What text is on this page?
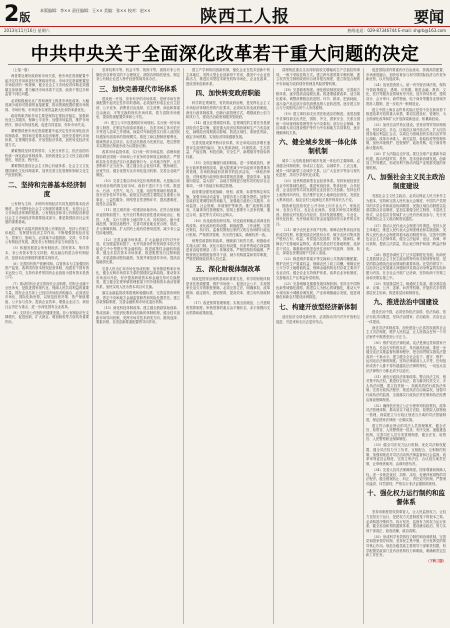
2版
本版编辑：李×× 责任编辑：王×× 美编：张×× 校对：赵××	陕西工人报	要闻
2013年11月16日 星期六	热线电话：029-87346744 E-mail: shgrb@163.com
中共中央关于全面深化改革若干重大问题的决定

（上接一版）

两者要处理好政府和市场关系，使市场在资源配置中起决定性作用和更好发挥政府作用。市场决定资源配置是市场经济的一般规律，健全社会主义市场经济体制必须遵循这条规律，着力解决市场体系不完善、政府干预过多和监管不到位问题。

必须积极稳妥从广度和深度上推进市场化改革，大幅度减少政府对资源的直接配置，推动资源配置依据市场规则、市场价格、市场竞争实现效益最大化和效率最优化。

政府的职责和作用主要是保持宏观经济稳定，加强和优化公共服务，保障公平竞争，加强市场监管，维护市场秩序，推动可持续发展，促进共同富裕，弥补市场失灵。

紧紧围绕使市场在资源配置中起决定性作用深化经济体制改革，坚持和完善基本经济制度，加快完善现代市场体系、宏观调控体系、开放型经济体系，加快转变经济发展方式。

紧紧围绕坚持党的领导、人民当家作主、依法治国有机统一深化政治体制改革，加快推进社会主义民主政治制度化、规范化、程序化。

紧紧围绕建设社会主义核心价值体系、社会主义文化强国深化文化体制改革，加快完善文化管理体制和文化生产经营机制。

二、坚持和完善基本经济制度

公有制为主体、多种所有制经济共同发展的基本经济制度，是中国特色社会主义制度的重要支柱，也是社会主义市场经济体制的根基。公有制经济和非公有制经济都是社会主义市场经济的重要组成部分，都是我国经济社会发展的重要基础。

必须毫不动摇巩固和发展公有制经济，坚持公有制主体地位，发挥国有经济主导作用，不断增强国有经济活力、控制力、影响力。必须毫不动摇鼓励、支持、引导非公有制经济发展，激发非公有制经济活力和创造力。

（5）积极发展混合所有制经济。国有资本、集体资本、非公有资本等交叉持股、相互融合的混合所有制经济，是基本经济制度的重要实现形式。

（6）完善国有资产管理体制。以管资本为主加强国有资产监管，改革国有资本授权经营体制，组建若干国有资本运营公司，支持有条件的国有企业改组为国有资本投资公司。

（7）推动国有企业完善现代企业制度。国有企业属于全民所有，是推进国家现代化、保障人民共同利益的重要力量。国有企业总体上已经同市场经济相融合，必须适应市场化、国际化新形势，以规范经营决策、资产保值增值、公平参与竞争、提高企业效率、增强企业活力、承担社会责任为重点，进一步深化国有企业改革。

（8）支持非公有制经济健康发展。非公有制经济在支撑增长、促进创新、扩大就业、增加税收等方面具有重要作用。

坚持权利平等、机会平等、规则平等，废除对非公有制经济各种形式的不合理规定，消除各种隐性壁垒，制定非公有制企业进入特许经营领域具体办法。

三、加快完善现代市场体系

建设统一开放、竞争有序的市场体系，是使市场在资源配置中起决定性作用的基础。必须加快形成企业自主经营、公平竞争，消费者自由选择、自主消费，商品和要素自由流动、平等交换的现代市场体系，着力清除市场壁垒，提高资源配置效率和公平性。

（9）建立公平开放透明的市场规则。实行统一的市场准入制度，在制定负面清单基础上，各类市场主体可依法平等进入清单之外领域。探索对外商投资实行准入前国民待遇加负面清单的管理模式。推进工商注册制度便利化，削减资质认定项目，由先证后照改为先照后证，把注册资本实缴登记制逐步改为认缴登记制。

改革市场监管体系，实行统一的市场监管，清理和废除妨碍全国统一市场和公平竞争的各种规定和做法，严禁和惩处各类违法实行优惠政策行为，反对地方保护，反对垄断和不正当竞争。建立健全社会征信体系，褒扬诚信，惩戒失信。健全优胜劣汰市场化退出机制，完善企业破产制度。

（10）完善主要由市场决定价格的机制。凡是能由市场形成价格的都交给市场，政府不进行不当干预。推进水、石油、天然气、电力、交通、电信等领域价格改革，放开竞争性环节价格。政府定价范围主要限定在重要公用事业、公益性服务、网络型自然垄断环节，提高透明度，接受社会监督。

（11）建立城乡统一的建设用地市场。在符合规划和用途管制前提下，允许农村集体经营性建设用地出让、租赁、入股，实行与国有土地同等入市、同权同价。缩小征地范围，规范征地程序，完善对被征地农民合理、规范、多元保障机制。扩大国有土地有偿使用范围，减少非公益性用地划拨。

（12）完善金融市场体系。扩大金融业对内对外开放，在加强监管前提下，允许具备条件的民间资本依法发起设立中小型银行等金融机构。推进政策性金融机构改革。健全多层次资本市场体系，推进股票发行注册制改革，多渠道推动股权融资，发展并规范债券市场，提高直接融资比重。

完善人民币汇率市场化形成机制，加快推进利率市场化，健全反映市场供求关系的国债收益率曲线。推动资本市场双向开放，有序提高跨境资本和金融交易可兑换程度，建立健全宏观审慎管理框架下的外债和资本流动管理体系，加快实现人民币资本项目可兑换。

落实金融监管改革措施和稳健标准，完善监管协调机制，界定中央和地方金融监管职责和风险处置责任。建立存款保险制度，完善金融机构市场化退出机制。

（13）深化科技体制改革。建立健全鼓励原始创新、集成创新、引进消化吸收再创新的体制机制，健全技术创新市场导向机制，发挥市场对技术研发方向、路线选择、要素价格、各类创新要素配置的导向作用。

建立产学研协同创新机制，强化企业在技术创新中的主体地位，发挥大型企业创新骨干作用，激发中小企业创新活力，推进应用型技术研发机构市场化、企业化改革，建设国家创新体系。

四、加快转变政府职能

科学的宏观调控，有效的政府治理，是发挥社会主义市场经济体制优势的内在要求。必须切实转变政府职能，深化行政体制改革，创新行政管理方式，增强政府公信力和执行力，建设法治政府和服务型政府。

（14）健全宏观调控体系。宏观调控的主要任务是保持经济总量平衡，促进重大经济结构协调和生产力布局优化，减缓经济周期波动影响，防范区域性、系统性风险，稳定市场预期，实现经济持续健康发展。

完善发展成果考核评价体系，纠正单纯以经济增长速度评定政绩的偏向，加大资源消耗、环境损害、生态效益、产能过剩、科技创新、安全生产、新增债务等指标的权重。

（15）全面正确履行政府职能。进一步简政放权，深化行政审批制度改革，最大限度减少中央政府对微观事务的管理，市场机制能有效调节的经济活动，一律取消审批，对保留的行政审批事项要规范管理、提高效率；直接面向基层、量大面广、由地方管理更方便有效的经济社会事项，一律下放地方和基层管理。

政府要加强发展战略、规划、政策、标准等制定和实施，加强市场活动监管，加强各类公共服务提供。加强中央政府宏观调控职责和能力，加强地方政府公共服务、市场监管、社会管理、环境保护等职责。推广政府购买服务，凡属事务性管理服务，原则上都要引入竞争机制，通过合同、委托等方式向社会购买。

（16）优化政府组织结构。转变政府职能必须深化机构改革。优化政府机构设置、职能配置、工作流程，完善决策权、执行权、监督权既相互制约又相互协调的行政运行机制。严格绩效管理，突出责任落实，确保权责一致。

统筹党政群机构改革，理顺部门职责关系。积极稳妥实施大部门制。优化行政区划设置，有条件的地方探索推进省直接管理县（市）体制改革。严格控制机构编制，严格按规定职数配备领导干部，减少机构数量和领导职数，严格控制财政供养人员总量。

五、深化财税体制改革

财政是国家治理的基础和重要支柱，科学的财税体制是优化资源配置、维护市场统一、促进社会公平、实现国家长治久安的制度保障。必须完善立法、明确事权、改革税制、稳定税负、透明预算、提高效率，建立现代财政制度。

（17）改进预算管理制度。实施全面规范、公开透明的预算制度。审核预算的重点由平衡状态、赤字规模向支出预算和政策拓展。

清理规范重点支出同财政收支增幅或生产总值挂钩事项，一般不采取挂钩方式。建立跨年度预算平衡机制，建立权责发生制的政府综合财务报告制度，建立规范合理的中央和地方政府债务管理及风险预警机制。

（18）完善税收制度。深化税收制度改革，完善地方税体系，逐步提高直接税比重。推进增值税改革，适当简化税率。调整消费税征收范围、环节、税率，把高耗能、高污染产品及部分高档消费品纳入征收范围。逐步建立综合与分类相结合的个人所得税制。

（19）建立事权和支出责任相适应的制度。适度加强中央事权和支出责任，国防、外交、国家安全、关系全国统一市场规则和管理等作为中央事权；部分社会保障、跨区域重大项目建设维护等作为中央和地方共同事权，逐步理顺事权关系。

六、健全城乡发展一体化体制机制

城乡二元结构是制约城乡发展一体化的主要障碍。必须健全体制机制，形成以工促农、以城带乡、工农互惠、城乡一体的新型工农城乡关系，让广大农民平等参与现代化进程、共同分享现代化成果。

（20）加快构建新型农业经营体系。坚持家庭经营在农业中的基础性地位，推进家庭经营、集体经营、合作经营、企业经营等共同发展的农业经营方式创新。坚持农村土地集体所有权，依法维护农民土地承包经营权，发展壮大集体经济。稳定农村土地承包关系并保持长久不变。

鼓励承包经营权在公开市场上向专业大户、家庭农场、农民合作社、农业企业流转，发展多种形式规模经营。鼓励农村发展合作经济，扶持发展规模化、专业化、现代化经营，允许财政项目资金直接投向符合条件的合作社。

（21）赋予农民更多财产权利。保障农民集体经济组织成员权利，积极发展农民股份合作，赋予农民对集体资产股份占有、收益、有偿退出及抵押、担保、继承权。保障农户宅基地用益物权，改革完善农村宅基地制度，选择若干试点，慎重稳妥推进农民住房财产权抵押、担保、转让，探索农民增加财产性收入渠道。

（22）推进城乡要素平等交换和公共资源均衡配置。维护农民生产要素权益，保障农民工同工同酬，保障农民公平分享土地增值收益，保障金融机构农村存款主要用于农业农村。健全农业支持保护体系，改革农业补贴制度，完善粮食主产区利益补偿机制。

（23）完善城镇化健康发展体制机制。坚持走中国特色新型城镇化道路，推进以人为核心的城镇化，推动大中小城市和小城镇协调发展、产业和城镇融合发展，促进城镇化和新农村建设协调推进。

七、构建开放型经济新体制

适应经济全球化新形势，必须推动对内对外开放相互促进、引进来和走出去更好结合。

促进国际国内要素有序自由流动、资源高效配置、市场深度融合，加快培育参与和引领国际经济合作竞争新优势，以开放促改革。

（24）放宽投资准入。统一内外资法律法规，保持外资政策稳定、透明、可预期。推进金融、教育、文化、医疗等服务业领域有序开放，放开育幼养老、建筑设计、会计审计、商贸物流、电子商务等服务业领域外资准入限制，进一步放开一般制造业。

建立中国上海自由贸易试验区是党中央在新形势下推进改革开放的重大举措，要切实建设好、管理好，为全面深化改革和扩大开放探索新途径、积累新经验。

（25）加快自由贸易区建设。坚持世界贸易体制规则，坚持双边、多边、区域次区域开放合作，扩大同各国各地区利益汇合点，以周边为基础加快实施自由贸易区战略。改革市场准入、海关监管、检验检疫等管理体制，加快环境保护、投资保护、政府采购、电子商务等新议题谈判。

（26）扩大内陆沿边开放。抓住全球产业重新布局机遇，推动内陆贸易、投资、技术创新协调发展。创新加工贸易模式，形成有利于推动内陆产业集群发展的体制机制。

八、加强社会主义民主政治制度建设

发展社会主义民主政治，必须以保证人民当家作主为根本，坚持和完善人民代表大会制度、中国共产党领导的多党合作和政治协商制度、民族区域自治制度以及基层群众自治制度，更加注重健全民主制度、丰富民主形式，从各层次各领域扩大公民有序政治参与，充分发挥我国社会主义政治制度优越性。

（27）推动人民代表大会制度与时俱进。坚持人民主体地位，推进人民代表大会制度理论和实践创新，发挥人民代表大会制度的根本政治制度作用。完善中国特色社会主义法律体系，健全立法起草、论证、协调、审议机制，提高立法质量，防止地方保护和部门利益法制化。

（28）推进协商民主广泛多层制度化发展。协商民主是我国社会主义民主政治的特有形式和独特优势，是党的群众路线在政治领域的重要体现。在党的领导下，以经济社会发展重大问题和涉及群众切身利益的实际问题为内容，在全社会开展广泛协商，坚持协商于决策之前和决策实施之中。

（29）发展基层民主。畅通民主渠道，健全基层选举、议事、公开、述职、问责等机制。开展形式多样的基层民主协商，推进基层协商制度化。

九、推进法治中国建设

建设法治中国，必须坚持依法治国、依法执政、依法行政共同推进，坚持法治国家、法治政府、法治社会一体建设。

深化司法体制改革，加快建设公正高效权威的社会主义司法制度，维护人民权益，让人民群众在每一个司法案件中都感受到公平正义。

（30）维护宪法法律权威。宪法是保证党和国家兴旺发达、长治久安的根本法，具有最高权威。要进一步健全宪法实施监督机制和程序，把全面贯彻实施宪法提高到一个新水平。建立健全全社会忠于、遵守、维护、运用宪法法律的制度。坚持法律面前人人平等，任何组织或者个人都不得有超越宪法法律的特权，一切违反宪法法律的行为都必须予以追究。

（31）深化行政执法体制改革。整合执法主体，相对集中执法权，推进综合执法，着力解决权责交叉、多头执法问题，建立权责统一、权威高效的行政执法体制。完善行政执法程序，规范执法自由裁量权，加强对行政执法的监督，全面落实行政执法责任制和执法经费由财政保障制度。

（32）确保依法独立公正行使审判权检察权。改革司法管理体制，推动省以下地方法院、检察院人财物统一管理，探索建立与行政区划适当分离的司法管辖制度，保证国家法律统一正确实施。

建立符合职业特点的司法人员管理制度，健全法官、检察官、人民警察统一招录、有序交流、逐级遴选机制，完善司法人员分类管理制度，健全法官、检察官、人民警察职业保障制度。

（33）健全司法权力运行机制。优化司法职权配置，健全司法权力分工负责、互相配合、互相制约机制，加强和规范对司法活动的法律监督和社会监督。改革审判委员会制度，完善主审法官、合议庭办案责任制，让审理者裁判、由裁判者负责。

（34）完善人权司法保障制度。国家尊重和保障人权。进一步规范查封、扣押、冻结、处理涉案财物的司法程序。健全错案防止、纠正、责任追究机制，严禁刑讯逼供、体罚虐待，严格实行非法证据排除规则。

十、强化权力运行制约和监督体系

坚持用制度管权管事管人，让人民监督权力，让权力在阳光下运行，是把权力关进制度笼子的根本之策。必须构建决策科学、执行坚决、监督有力的权力运行体系，健全惩治和预防腐败体系，建设廉洁政治，努力实现干部清正、政府清廉、政治清明。

（35）形成科学有效的权力制约和协调机制。完善党和国家领导体制，坚持民主集中制，充分发挥党的领导核心作用。规范各级党政主要领导干部职责权限，科学配置党政部门及内设机构权力和职能，明确职责定位和工作任务。

（下转三版）
